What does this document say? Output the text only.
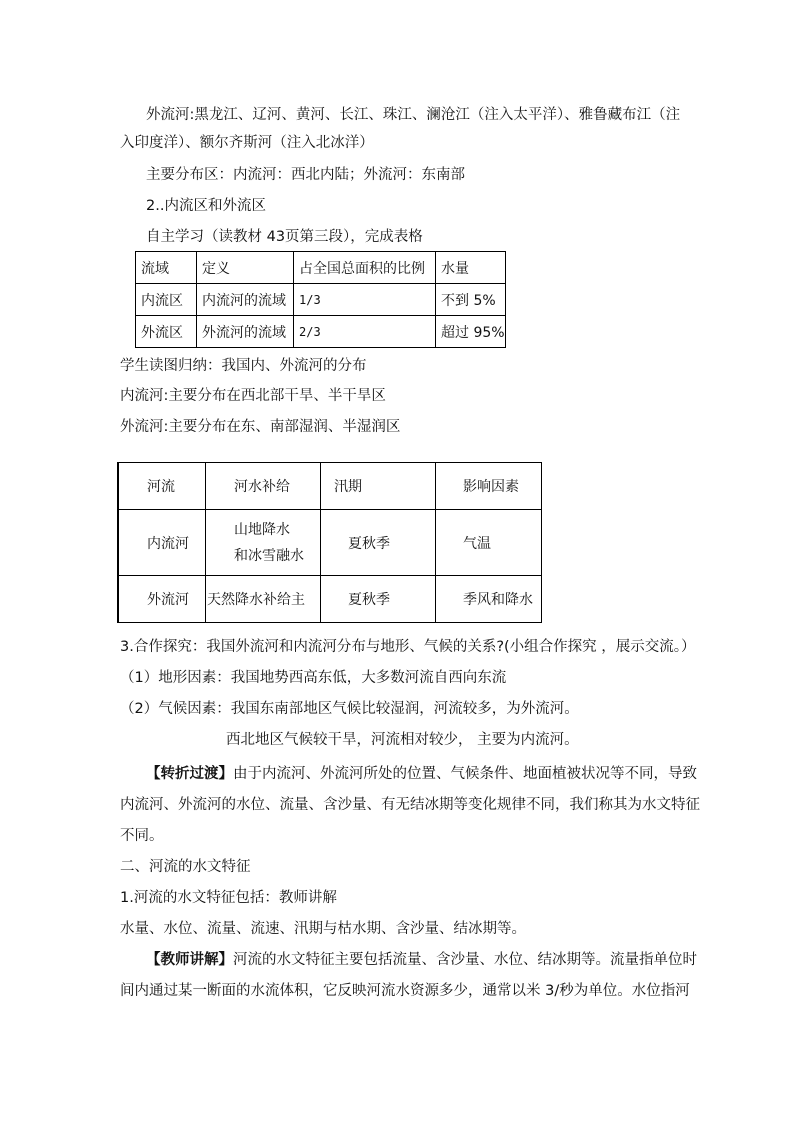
外流河:黑龙江、辽河、黄河、长江、珠江、澜沧江（注入太平洋）、雅鲁藏布江（注
入印度洋）、额尔齐斯河（注入北冰洋）
主要分布区：内流河：西北内陆；外流河：东南部
2..内流区和外流区
自主学习（读教材 43页第三段），完成表格
流域	定义	占全国总面积的比例	水量
内流区	内流河的流域	1/3	不到 5%
外流区	外流河的流域	2/3	超过 95%
学生读图归纳：我国内、外流河的分布
内流河:主要分布在西北部干旱、半干旱区
外流河:主要分布在东、南部湿润、半湿润区
河流	河水补给	汛期	影响因素
内流河	山地降水
和冰雪融水	夏秋季	气温
外流河	天然降水补给主	夏秋季	季风和降水
3.合作探究：我国外流河和内流河分布与地形、气候的关系?(小组合作探究 ，展示交流。）
（1）地形因素：我国地势西高东低，大多数河流自西向东流
（2）气候因素：我国东南部地区气候比较湿润，河流较多，为外流河。
西北地区气候较干旱，河流相对较少， 主要为内流河。
【转折过渡】由于内流河、外流河所处的位置、气候条件、地面植被状况等不同，导致
内流河、外流河的水位、流量、含沙量、有无结冰期等变化规律不同，我们称其为水文特征
不同。
二、河流的水文特征
1.河流的水文特征包括：教师讲解
水量、水位、流量、流速、汛期与枯水期、含沙量、结冰期等。
【教师讲解】河流的水文特征主要包括流量、含沙量、水位、结冰期等。流量指单位时
间内通过某一断面的水流体积，它反映河流水资源多少，通常以米 3/秒为单位。水位指河
